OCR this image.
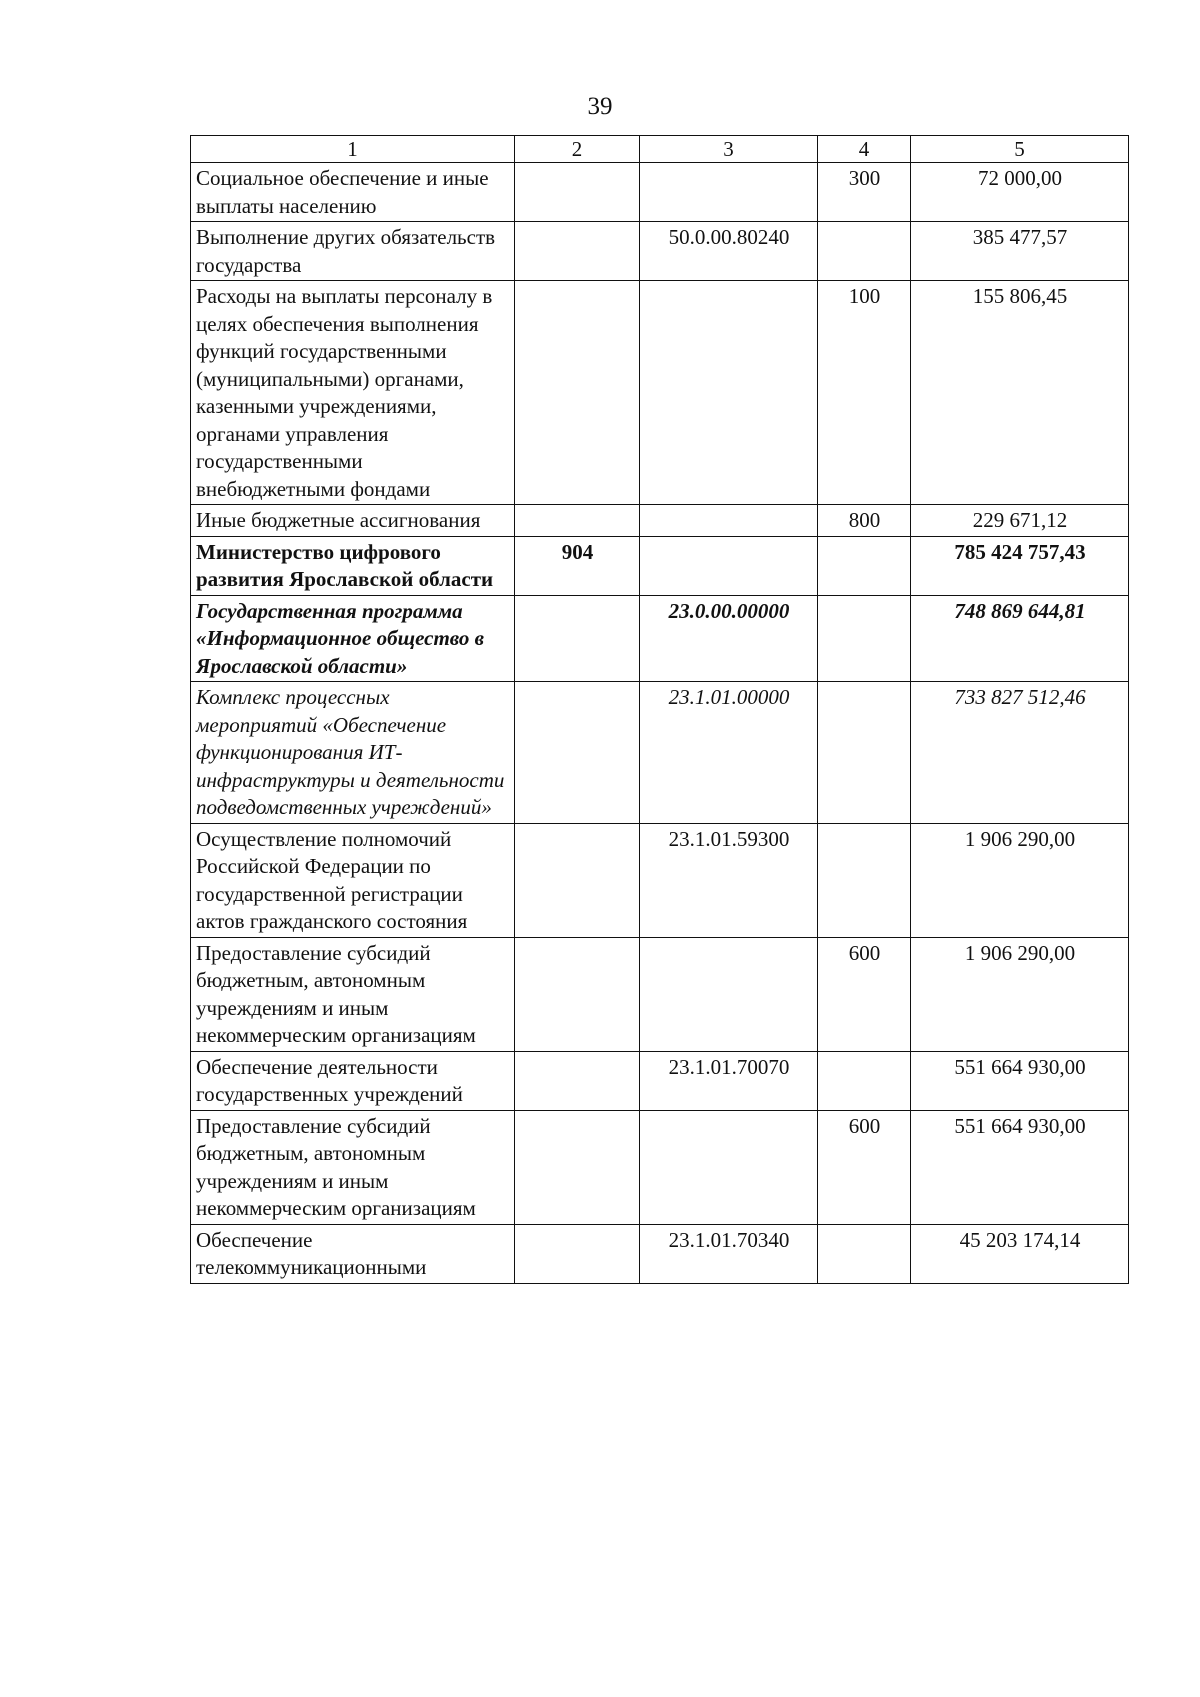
39
1	2	3	4	5
Социальное обеспечение и иные выплаты населению			300	72 000,00
Выполнение других обязательств государства		50.0.00.80240		385 477,57
Расходы на выплаты персоналу в целях обеспечения выполнения функций государственными (муниципальными) органами, казенными учреждениями, органами управления государственными внебюджетными фондами			100	155 806,45
Иные бюджетные ассигнования			800	229 671,12
Министерство цифрового развития Ярославской области	904			785 424 757,43
Государственная программа «Информационное общество в Ярославской области»		23.0.00.00000		748 869 644,81
Комплекс процессных мероприятий «Обеспечение функционирования ИТ-инфраструктуры и деятельности подведомственных учреждений»		23.1.01.00000		733 827 512,46
Осуществление полномочий Российской Федерации по государственной регистрации актов гражданского состояния		23.1.01.59300		1 906 290,00
Предоставление субсидий бюджетным, автономным учреждениям и иным некоммерческим организациям			600	1 906 290,00
Обеспечение деятельности государственных учреждений		23.1.01.70070		551 664 930,00
Предоставление субсидий бюджетным, автономным учреждениям и иным некоммерческим организациям			600	551 664 930,00
Обеспечение телекоммуникационными		23.1.01.70340		45 203 174,14
